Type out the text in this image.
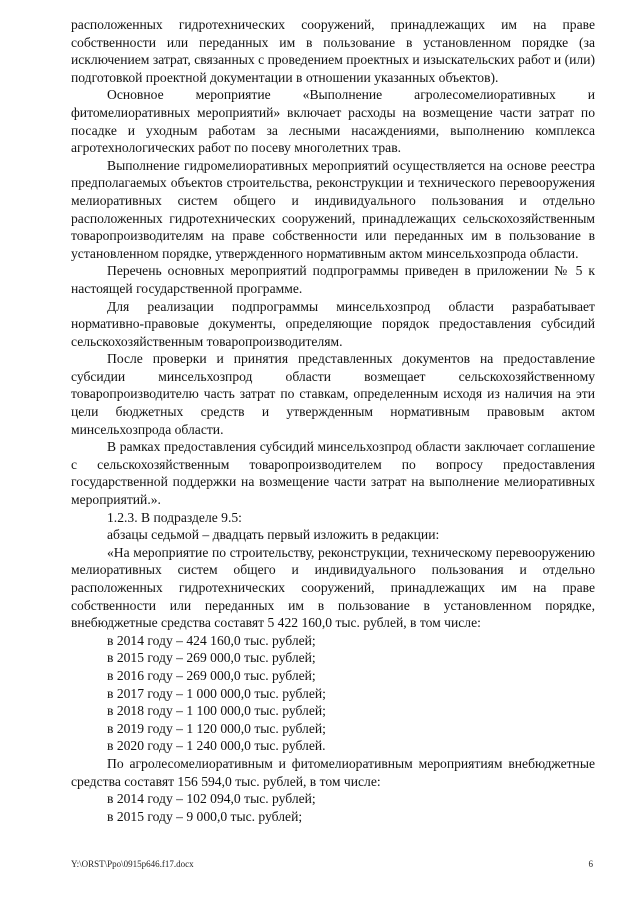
расположенных гидротехнических сооружений, принадлежащих им на праве собственности или переданных им в пользование в установленном порядке (за исключением затрат, связанных с проведением проектных и изыскательских работ и (или) подготовкой проектной документации в отношении указанных объектов).

Основное мероприятие «Выполнение агролесомелиоративных и фитомелиоративных мероприятий» включает расходы на возмещение части затрат по посадке и уходным работам за лесными насаждениями, выполнению комплекса агротехнологических работ по посеву многолетних трав.

Выполнение гидромелиоративных мероприятий осуществляется на основе реестра предполагаемых объектов строительства, реконструкции и технического перевооружения мелиоративных систем общего и индивидуального пользования и отдельно расположенных гидротехнических сооружений, принадлежащих сельскохозяйственным товаропроизводителям на праве собственности или переданных им в пользование в установленном порядке, утвержденного нормативным актом минсельхозпрода области.

Перечень основных мероприятий подпрограммы приведен в приложении № 5 к настоящей государственной программе.

Для реализации подпрограммы минсельхозпрод области разрабатывает нормативно-правовые документы, определяющие порядок предоставления субсидий сельскохозяйственным товаропроизводителям.

После проверки и принятия представленных документов на предоставление субсидии минсельхозпрод области возмещает сельскохозяйственному товаропроизводителю часть затрат по ставкам, определенным исходя из наличия на эти цели бюджетных средств и утвержденным нормативным правовым актом минсельхозпрода области.

В рамках предоставления субсидий минсельхозпрод области заключает соглашение с сельскохозяйственным товаропроизводителем по вопросу предоставления государственной поддержки на возмещение части затрат на выполнение мелиоративных мероприятий.».

1.2.3. В подразделе 9.5:

абзацы седьмой – двадцать первый изложить в редакции:

«На мероприятие по строительству, реконструкции, техническому перевооружению мелиоративных систем общего и индивидуального пользования и отдельно расположенных гидротехнических сооружений, принадлежащих им на праве собственности или переданных им в пользование в установленном порядке, внебюджетные средства составят 5 422 160,0 тыс. рублей, в том числе:

в 2014 году – 424 160,0 тыс. рублей;

в 2015 году – 269 000,0 тыс. рублей;

в 2016 году – 269 000,0 тыс. рублей;

в 2017 году – 1 000 000,0 тыс. рублей;

в 2018 году – 1 100 000,0 тыс. рублей;

в 2019 году – 1 120 000,0 тыс. рублей;

в 2020 году – 1 240 000,0 тыс. рублей.

По агролесомелиоративным и фитомелиоративным мероприятиям внебюджетные средства составят 156 594,0 тыс. рублей, в том числе:

в 2014 году – 102 094,0 тыс. рублей;

в 2015 году – 9 000,0 тыс. рублей;

Y:\ORST\Ppo\0915p646.f17.docx	6
